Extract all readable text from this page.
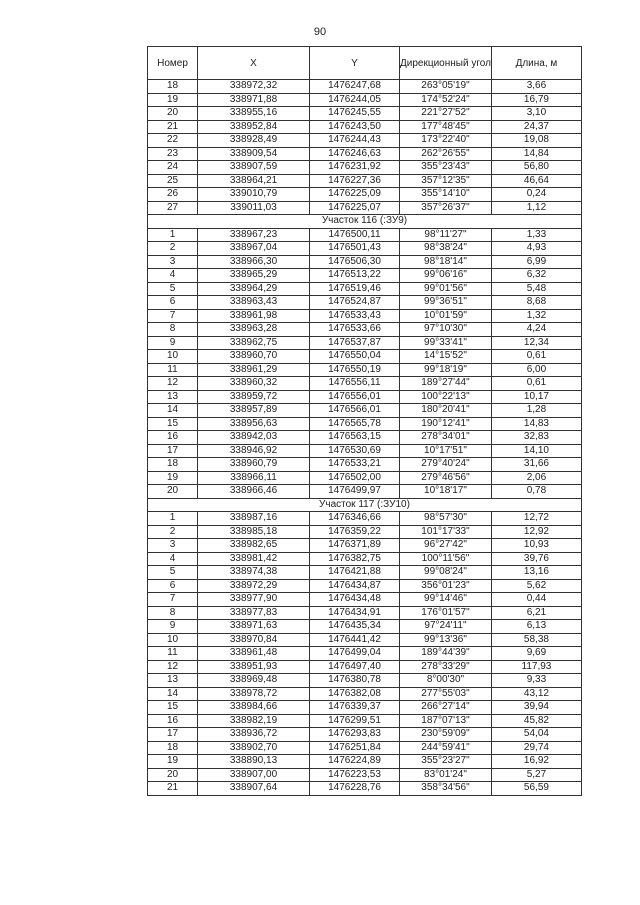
90
Номер	X	Y	Дирекционный угол	Длина, м
18	338972,32	1476247,68	263°05'19"	3,66
19	338971,88	1476244,05	174°52'24"	16,79
20	338955,16	1476245,55	221°27'52"	3,10
21	338952,84	1476243,50	177°48'45"	24,37
22	338928,49	1476244,43	173°22'40"	19,08
23	338909,54	1476246,63	262°26'55"	14,84
24	338907,59	1476231,92	355°23'43"	56,80
25	338964,21	1476227,36	357°12'35"	46,64
26	339010,79	1476225,09	355°14'10"	0,24
27	339011,03	1476225,07	357°26'37"	1,12
Участок 116 (:ЗУ9)				
1	338967,23	1476500,11	98°11'27"	1,33
2	338967,04	1476501,43	98°38'24"	4,93
3	338966,30	1476506,30	98°18'14"	6,99
4	338965,29	1476513,22	99°06'16"	6,32
5	338964,29	1476519,46	99°01'56"	5,48
6	338963,43	1476524,87	99°36'51"	8,68
7	338961,98	1476533,43	10°01'59"	1,32
8	338963,28	1476533,66	97°10'30"	4,24
9	338962,75	1476537,87	99°33'41"	12,34
10	338960,70	1476550,04	14°15'52"	0,61
11	338961,29	1476550,19	99°18'19"	6,00
12	338960,32	1476556,11	189°27'44"	0,61
13	338959,72	1476556,01	100°22'13"	10,17
14	338957,89	1476566,01	180°20'41"	1,28
15	338956,63	1476565,78	190°12'41"	14,83
16	338942,03	1476563,15	278°34'01"	32,83
17	338946,92	1476530,69	10°17'51"	14,10
18	338960,79	1476533,21	279°40'24"	31,66
19	338966,11	1476502,00	279°46'56"	2,06
20	338966,46	1476499,97	10°18'17"	0,78
Участок 117 (:ЗУ10)				
1	338987,16	1476346,66	98°57'30"	12,72
2	338985,18	1476359,22	101°17'33"	12,92
3	338982,65	1476371,89	96°27'42"	10,93
4	338981,42	1476382,75	100°11'56"	39,76
5	338974,38	1476421,88	99°08'24"	13,16
6	338972,29	1476434,87	356°01'23"	5,62
7	338977,90	1476434,48	99°14'46"	0,44
8	338977,83	1476434,91	176°01'57"	6,21
9	338971,63	1476435,34	97°24'11"	6,13
10	338970,84	1476441,42	99°13'36"	58,38
11	338961,48	1476499,04	189°44'39"	9,69
12	338951,93	1476497,40	278°33'29"	117,93
13	338969,48	1476380,78	8°00'30"	9,33
14	338978,72	1476382,08	277°55'03"	43,12
15	338984,66	1476339,37	266°27'14"	39,94
16	338982,19	1476299,51	187°07'13"	45,82
17	338936,72	1476293,83	230°59'09"	54,04
18	338902,70	1476251,84	244°59'41"	29,74
19	338890,13	1476224,89	355°23'27"	16,92
20	338907,00	1476223,53	83°01'24"	5,27
21	338907,64	1476228,76	358°34'56"	56,59
